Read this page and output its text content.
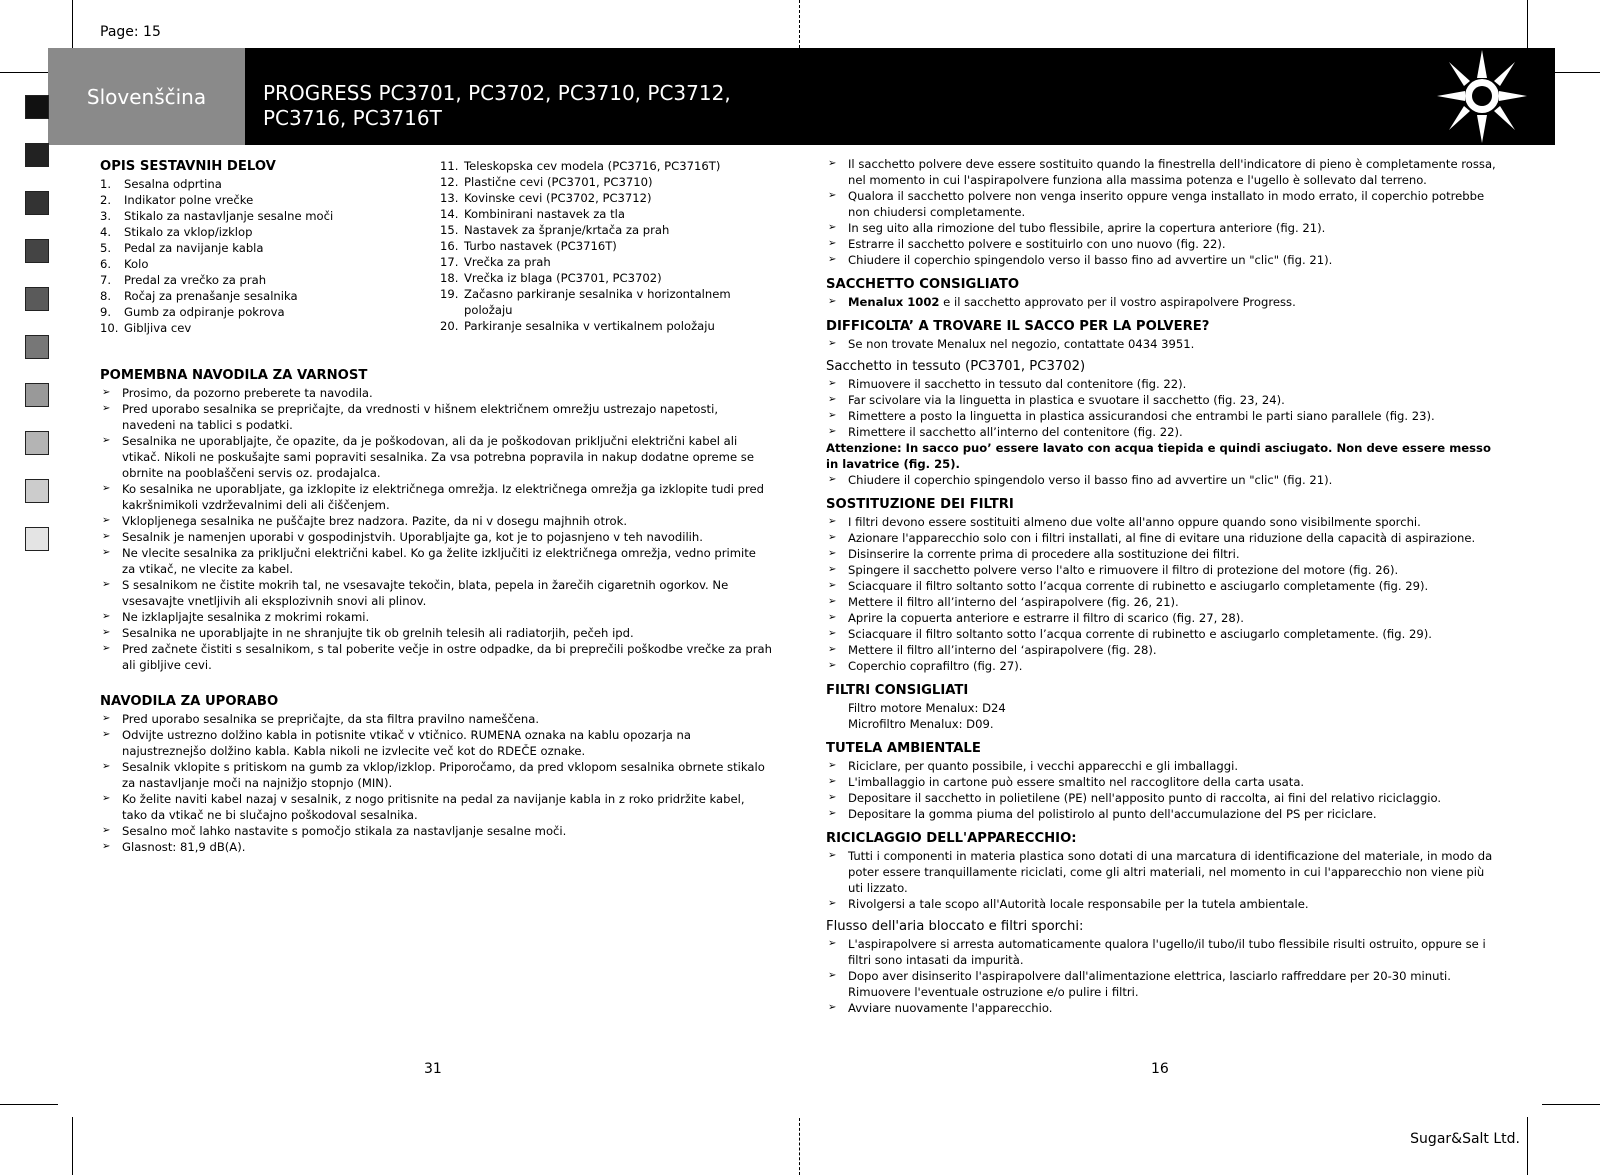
Page: 15
Slovenščina	PROGRESS PC3701, PC3702, PC3710, PC3712,
PC3716, PC3716T
OPIS SESTAVNIH DELOV
1.	Sesalna odprtina
2.	Indikator polne vrečke
3.	Stikalo za nastavljanje sesalne moči
4.	Stikalo za vklop/izklop
5.	Pedal za navijanje kabla
6.	Kolo
7.	Predal za vrečko za prah
8.	Ročaj za prenašanje sesalnika
9.	Gumb za odpiranje pokrova
10. Gibljiva cev
11. Teleskopska cev modela (PC3716, PC3716T)
12. Plastične cevi (PC3701, PC3710)
13. Kovinske cevi (PC3702, PC3712)
14. Kombinirani nastavek za tla
15. Nastavek za špranje/krtača za prah
16. Turbo nastavek (PC3716T)
17. Vrečka za prah
18. Vrečka iz blaga (PC3701, PC3702)
19. Začasno parkiranje sesalnika v horizontalnem položaju
20. Parkiranje sesalnika v vertikalnem položaju
POMEMBNA NAVODILA ZA VARNOST
➢ Prosimo, da pozorno preberete ta navodila.
➢ Pred uporabo sesalnika se prepričajte, da vrednosti v hišnem električnem omrežju ustrezajo napetosti, navedeni na tablici s podatki.
➢ Sesalnika ne uporabljajte, če opazite, da je poškodovan, ali da je poškodovan priključni električni kabel ali vtikač. Nikoli ne poskušajte sami popraviti sesalnika. Za vsa potrebna popravila in nakup dodatne opreme se obrnite na pooblaščeni servis oz. prodajalca.
➢ Ko sesalnika ne uporabljate, ga izklopite iz električnega omrežja. Iz električnega omrežja ga izklopite tudi pred kakršnimikoli vzdrževalnimi deli ali čiščenjem.
➢ Vklopljenega sesalnika ne puščajte brez nadzora. Pazite, da ni v dosegu majhnih otrok.
➢ Sesalnik je namenjen uporabi v gospodinjstvih. Uporabljajte ga, kot je to pojasnjeno v teh navodilih.
➢ Ne vlecite sesalnika za priključni električni kabel. Ko ga želite izključiti iz električnega omrežja, vedno primite za vtikač, ne vlecite za kabel.
➢ S sesalnikom ne čistite mokrih tal, ne vsesavajte tekočin, blata, pepela in žarečih cigaretnih ogorkov. Ne vsesavajte vnetljivih ali eksplozivnih snovi ali plinov.
➢ Ne izklapljajte sesalnika z mokrimi rokami.
➢ Sesalnika ne uporabljajte in ne shranjujte tik ob grelnih telesih ali radiatorjih, pečeh ipd.
➢ Pred začnete čistiti s sesalnikom, s tal poberite večje in ostre odpadke, da bi preprečili poškodbe vrečke za prah ali gibljive cevi.
NAVODILA ZA UPORABO
➢ Pred uporabo sesalnika se prepričajte, da sta filtra pravilno nameščena.
➢ Odvijte ustrezno dolžino kabla in potisnite vtikač v vtičnico. RUMENA oznaka na kablu opozarja na najustreznejšo dolžino kabla. Kabla nikoli ne izvlecite več kot do RDEČE oznake.
➢ Sesalnik vklopite s pritiskom na gumb za vklop/izklop. Priporočamo, da pred vklopom sesalnika obrnete stikalo za nastavljanje moči na najnižjo stopnjo (MIN).
➢ Ko želite naviti kabel nazaj v sesalnik, z nogo pritisnite na pedal za navijanje kabla in z roko pridržite kabel, tako da vtikač ne bi slučajno poškodoval sesalnika.
➢ Sesalno moč lahko nastavite s pomočjo stikala za nastavljanje sesalne moči.
➢ Glasnost: 81,9 dB(A).
31
➢ Il sacchetto polvere deve essere sostituito quando la finestrella dell'indicatore di pieno è completamente rossa, nel momento in cui l'aspirapolvere funziona alla massima potenza e l'ugello è sollevato dal terreno.
➢ Qualora il sacchetto polvere non venga inserito oppure venga installato in modo errato, il coperchio potrebbe non chiudersi completamente.
➢ In seg uito alla rimozione del tubo flessibile, aprire la copertura anteriore (fig. 21).
➢ Estrarre il sacchetto polvere e sostituirlo con uno nuovo (fig. 22).
➢ Chiudere il coperchio spingendolo verso il basso fino ad avvertire un "clic" (fig. 21).
SACCHETTO CONSIGLIATO
➢ Menalux 1002 e il sacchetto approvato per il vostro aspirapolvere Progress.
DIFFICOLTA’ A TROVARE IL SACCO PER LA POLVERE?
➢ Se non trovate Menalux nel negozio, contattate 0434 3951.
Sacchetto in tessuto (PC3701, PC3702)
➢ Rimuovere il sacchetto in tessuto dal contenitore (fig. 22).
➢ Far scivolare via la linguetta in plastica e svuotare il sacchetto (fig. 23, 24).
➢ Rimettere a posto la linguetta in plastica assicurandosi che entrambi le parti siano parallele (fig. 23).
➢ Rimettere il sacchetto all’interno del contenitore (fig. 22).
Attenzione: In sacco puo’ essere lavato con acqua tiepida e quindi asciugato. Non deve essere messo in lavatrice (fig. 25).
➢ Chiudere il coperchio spingendolo verso il basso fino ad avvertire un "clic" (fig. 21).
SOSTITUZIONE DEI FILTRI
➢ I filtri devono essere sostituiti almeno due volte all'anno oppure quando sono visibilmente sporchi.
➢ Azionare l'apparecchio solo con i filtri installati, al fine di evitare una riduzione della capacità di aspirazione.
➢ Disinserire la corrente prima di procedere alla sostituzione dei filtri.
➢ Spingere il sacchetto polvere verso l'alto e rimuovere il filtro di protezione del motore (fig. 26).
➢ Sciacquare il filtro soltanto sotto l’acqua corrente di rubinetto e asciugarlo completamente (fig. 29).
➢ Mettere il filtro all’interno del ‘aspirapolvere (fig. 26, 21).
➢ Aprire la copuerta anteriore e estrarre il filtro di scarico (fig. 27, 28).
➢ Sciacquare il filtro soltanto sotto l’acqua corrente di rubinetto e asciugarlo completamente. (fig. 29).
➢ Mettere il filtro all’interno del ‘aspirapolvere (fig. 28).
➢ Coperchio coprafiltro (fig. 27).
FILTRI CONSIGLIATI
Filtro motore Menalux: D24
Microfiltro Menalux: D09.
TUTELA AMBIENTALE
➢ Riciclare, per quanto possibile, i vecchi apparecchi e gli imballaggi.
➢ L'imballaggio in cartone può essere smaltito nel raccoglitore della carta usata.
➢ Depositare il sacchetto in polietilene (PE) nell'apposito punto di raccolta, ai fini del relativo riciclaggio.
➢ Depositare la gomma piuma del polistirolo al punto dell'accumulazione del PS per riciclare.
RICICLAGGIO DELL'APPARECCHIO:
➢ Tutti i componenti in materia plastica sono dotati di una marcatura di identificazione del materiale, in modo da poter essere tranquillamente riciclati, come gli altri materiali, nel momento in cui l'apparecchio non viene più uti lizzato.
➢ Rivolgersi a tale scopo all'Autorità locale responsabile per la tutela ambientale.
Flusso dell'aria bloccato e filtri sporchi:
➢ L'aspirapolvere si arresta automaticamente qualora l'ugello/il tubo/il tubo flessibile risulti ostruito, oppure se i filtri sono intasati da impurità.
➢ Dopo aver disinserito l'aspirapolvere dall'alimentazione elettrica, lasciarlo raffreddare per 20-30 minuti. Rimuovere l'eventuale ostruzione e/o pulire i filtri.
➢ Avviare nuovamente l'apparecchio.
16
Sugar&Salt Ltd.
